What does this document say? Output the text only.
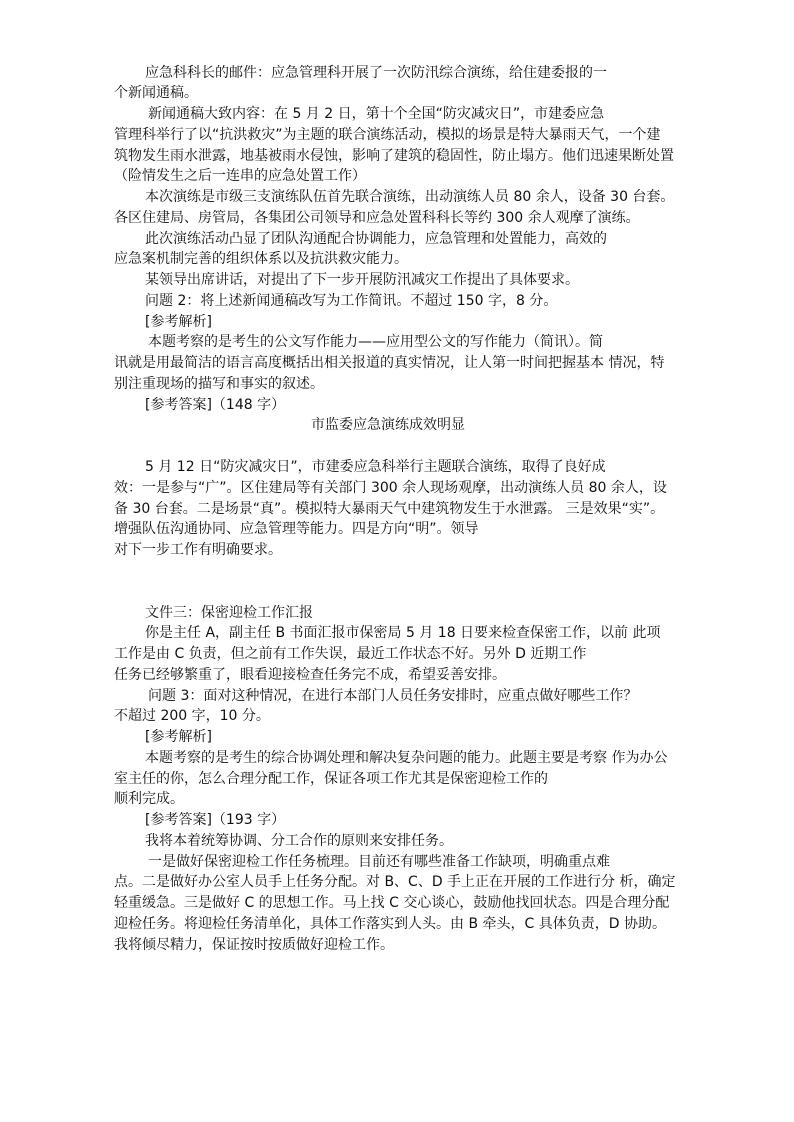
应急科科长的邮件：应急管理科开展了一次防汛综合演练，给住建委报的一
个新闻通稿。
新闻通稿大致内容：在 5 月 2 日，第十个全国“防灾减灾日”，市建委应急
管理科举行了以“抗洪救灾”为主题的联合演练活动，模拟的场景是特大暴雨天气，一个建
筑物发生雨水泄露，地基被雨水侵蚀，影响了建筑的稳固性，防止塌方。他们迅速果断处置
（险情发生之后一连串的应急处置工作）
本次演练是市级三支演练队伍首先联合演练，出动演练人员 80 余人，设备 30 台套。
各区住建局、房管局，各集团公司领导和应急处置科科长等约 300 余人观摩了演练。
此次演练活动凸显了团队沟通配合协调能力，应急管理和处置能力，高效的
应急案机制完善的组织体系以及抗洪救灾能力。
某领导出席讲话，对提出了下一步开展防汛减灾工作提出了具体要求。
问题 2：将上述新闻通稿改写为工作简讯。不超过 150 字，8 分。
[参考解析]
本题考察的是考生的公文写作能力——应用型公文的写作能力（简讯）。简
讯就是用最简洁的语言高度概括出相关报道的真实情况，让人第一时间把握基本 情况，特
别注重现场的描写和事实的叙述。
[参考答案]（148 字）
市监委应急演练成效明显
5 月 12 日“防灾减灾日”，市建委应急科举行主题联合演练，取得了良好成
效：一是参与“广”。区住建局等有关部门 300 余人现场观摩，出动演练人员 80 余人，设
备 30 台套。二是场景“真”。模拟特大暴雨天气中建筑物发生于水泄露。 三是效果“实”。
增强队伍沟通协同、应急管理等能力。四是方向“明”。领导
对下一步工作有明确要求。
文件三：保密迎检工作汇报
你是主任 A，副主任 B 书面汇报市保密局 5 月 18 日要来检查保密工作，以前 此项
工作是由 C 负责，但之前有工作失误，最近工作状态不好。另外 D 近期工作
任务已经够繁重了，眼看迎接检查任务完不成，希望妥善安排。
问题 3：面对这种情况，在进行本部门人员任务安排时，应重点做好哪些工作？
不超过 200 字，10 分。
[参考解析]
本题考察的是考生的综合协调处理和解决复杂问题的能力。此题主要是考察 作为办公
室主任的你，怎么合理分配工作，保证各项工作尤其是保密迎检工作的
顺利完成。
[参考答案]（193 字）
我将本着统筹协调、分工合作的原则来安排任务。
一是做好保密迎检工作任务梳理。目前还有哪些准备工作缺项，明确重点难
点。二是做好办公室人员手上任务分配。对 B、C、D 手上正在开展的工作进行分 析，确定
轻重缓急。三是做好 C 的思想工作。马上找 C 交心谈心，鼓励他找回状态。四是合理分配
迎检任务。将迎检任务清单化，具体工作落实到人头。由 B 牵头，C 具体负责，D 协助。
我将倾尽精力，保证按时按质做好迎检工作。
